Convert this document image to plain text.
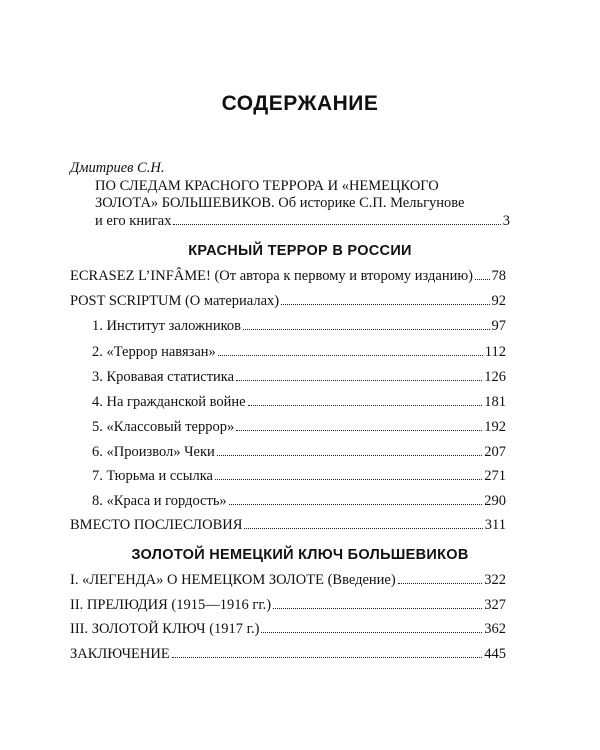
СОДЕРЖАНИЕ
Дмитриев С.Н.
ПО СЛЕДАМ КРАСНОГО ТЕРРОРА И «НЕМЕЦКОГО
ЗОЛОТА» БОЛЬШЕВИКОВ. Об историке С.П. Мельгунове
и его книгах	3
КРАСНЫЙ ТЕРРОР В РОССИИ
ECRASEZ L’INFÂME! (От автора к первому и второму изданию) 78
POST SCRIPTUM (О материалах)	92
1. Институт заложников	97
2. «Террор навязан»	112
3. Кровавая статистика	126
4. На гражданской войне	181
5. «Классовый террор»	192
6. «Произвол» Чеки	207
7. Тюрьма и ссылка	271
8. «Краса и гордость»	290
ВМЕСТО ПОСЛЕСЛОВИЯ	311
ЗОЛОТОЙ НЕМЕЦКИЙ КЛЮЧ БОЛЬШЕВИКОВ
I. «ЛЕГЕНДА» О НЕМЕЦКОМ ЗОЛОТЕ (Введение)	322
II. ПРЕЛЮДИЯ (1915—1916 гг.)	327
III. ЗОЛОТОЙ КЛЮЧ (1917 г.)	362
ЗАКЛЮЧЕНИЕ	445
